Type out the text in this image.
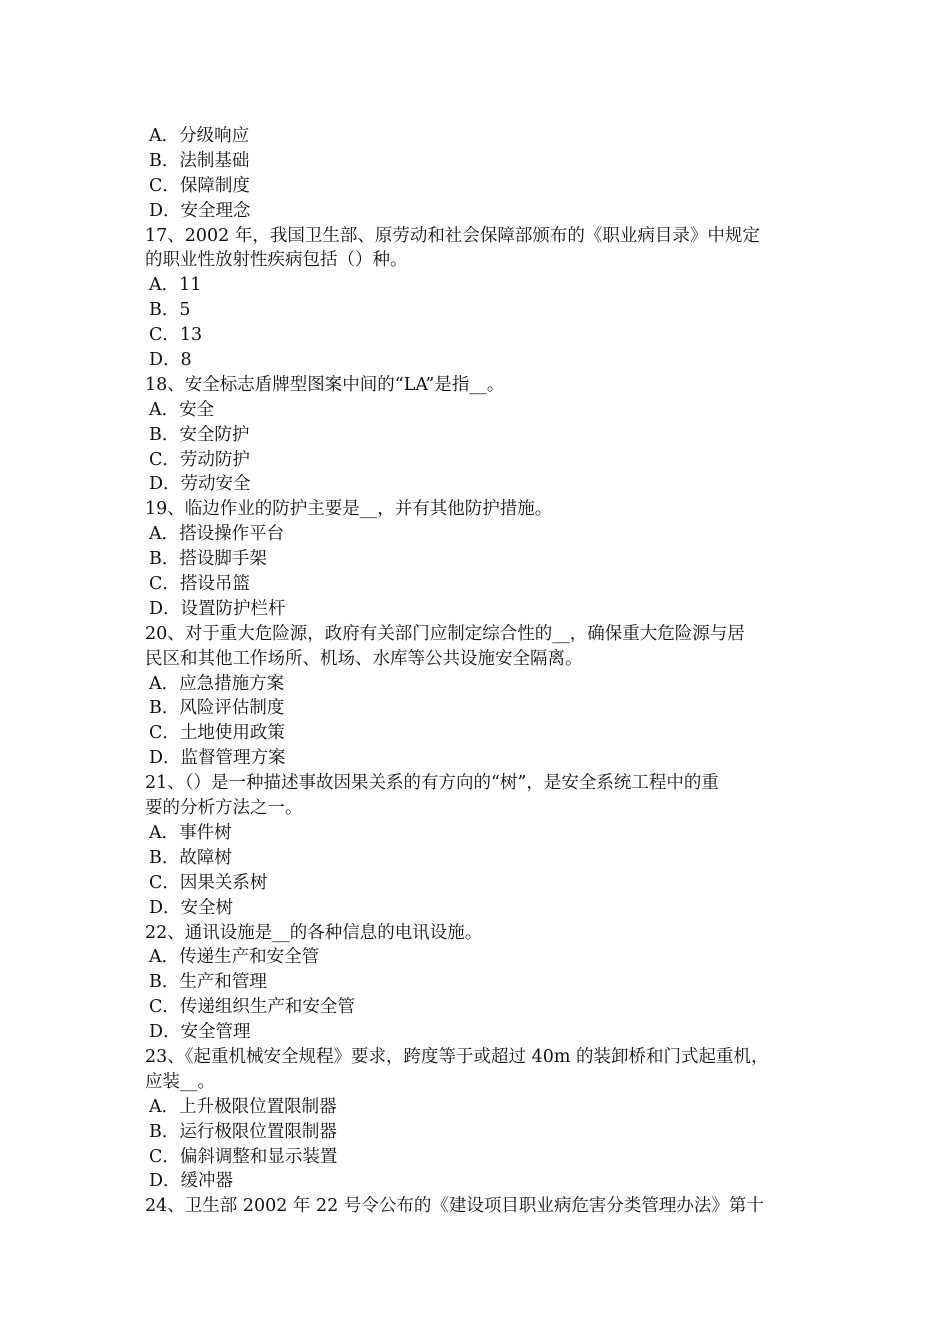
A．分级响应
B．法制基础
C．保障制度
D．安全理念
17、2002 年，我国卫生部、原劳动和社会保障部颁布的《职业病目录》中规定
的职业性放射性疾病包括（）种。
A．11
B．5
C．13
D．8
18、安全标志盾牌型图案中间的“LA”是指__。
A．安全
B．安全防护
C．劳动防护
D．劳动安全
19、临边作业的防护主要是__，并有其他防护措施。
A．搭设操作平台
B．搭设脚手架
C．搭设吊篮
D．设置防护栏杆
20、对于重大危险源，政府有关部门应制定综合性的__，确保重大危险源与居
民区和其他工作场所、机场、水库等公共设施安全隔离。
A．应急措施方案
B．风险评估制度
C．土地使用政策
D．监督管理方案
21、（）是一种描述事故因果关系的有方向的“树”，是安全系统工程中的重
要的分析方法之一。
A．事件树
B．故障树
C．因果关系树
D．安全树
22、通讯设施是__的各种信息的电讯设施。
A．传递生产和安全管
B．生产和管理
C．传递组织生产和安全管
D．安全管理
23、《起重机械安全规程》要求，跨度等于或超过 40m 的装卸桥和门式起重机，
应装__。
A．上升极限位置限制器
B．运行极限位置限制器
C．偏斜调整和显示装置
D．缓冲器
24、卫生部 2002 年 22 号令公布的《建设项目职业病危害分类管理办法》第十
